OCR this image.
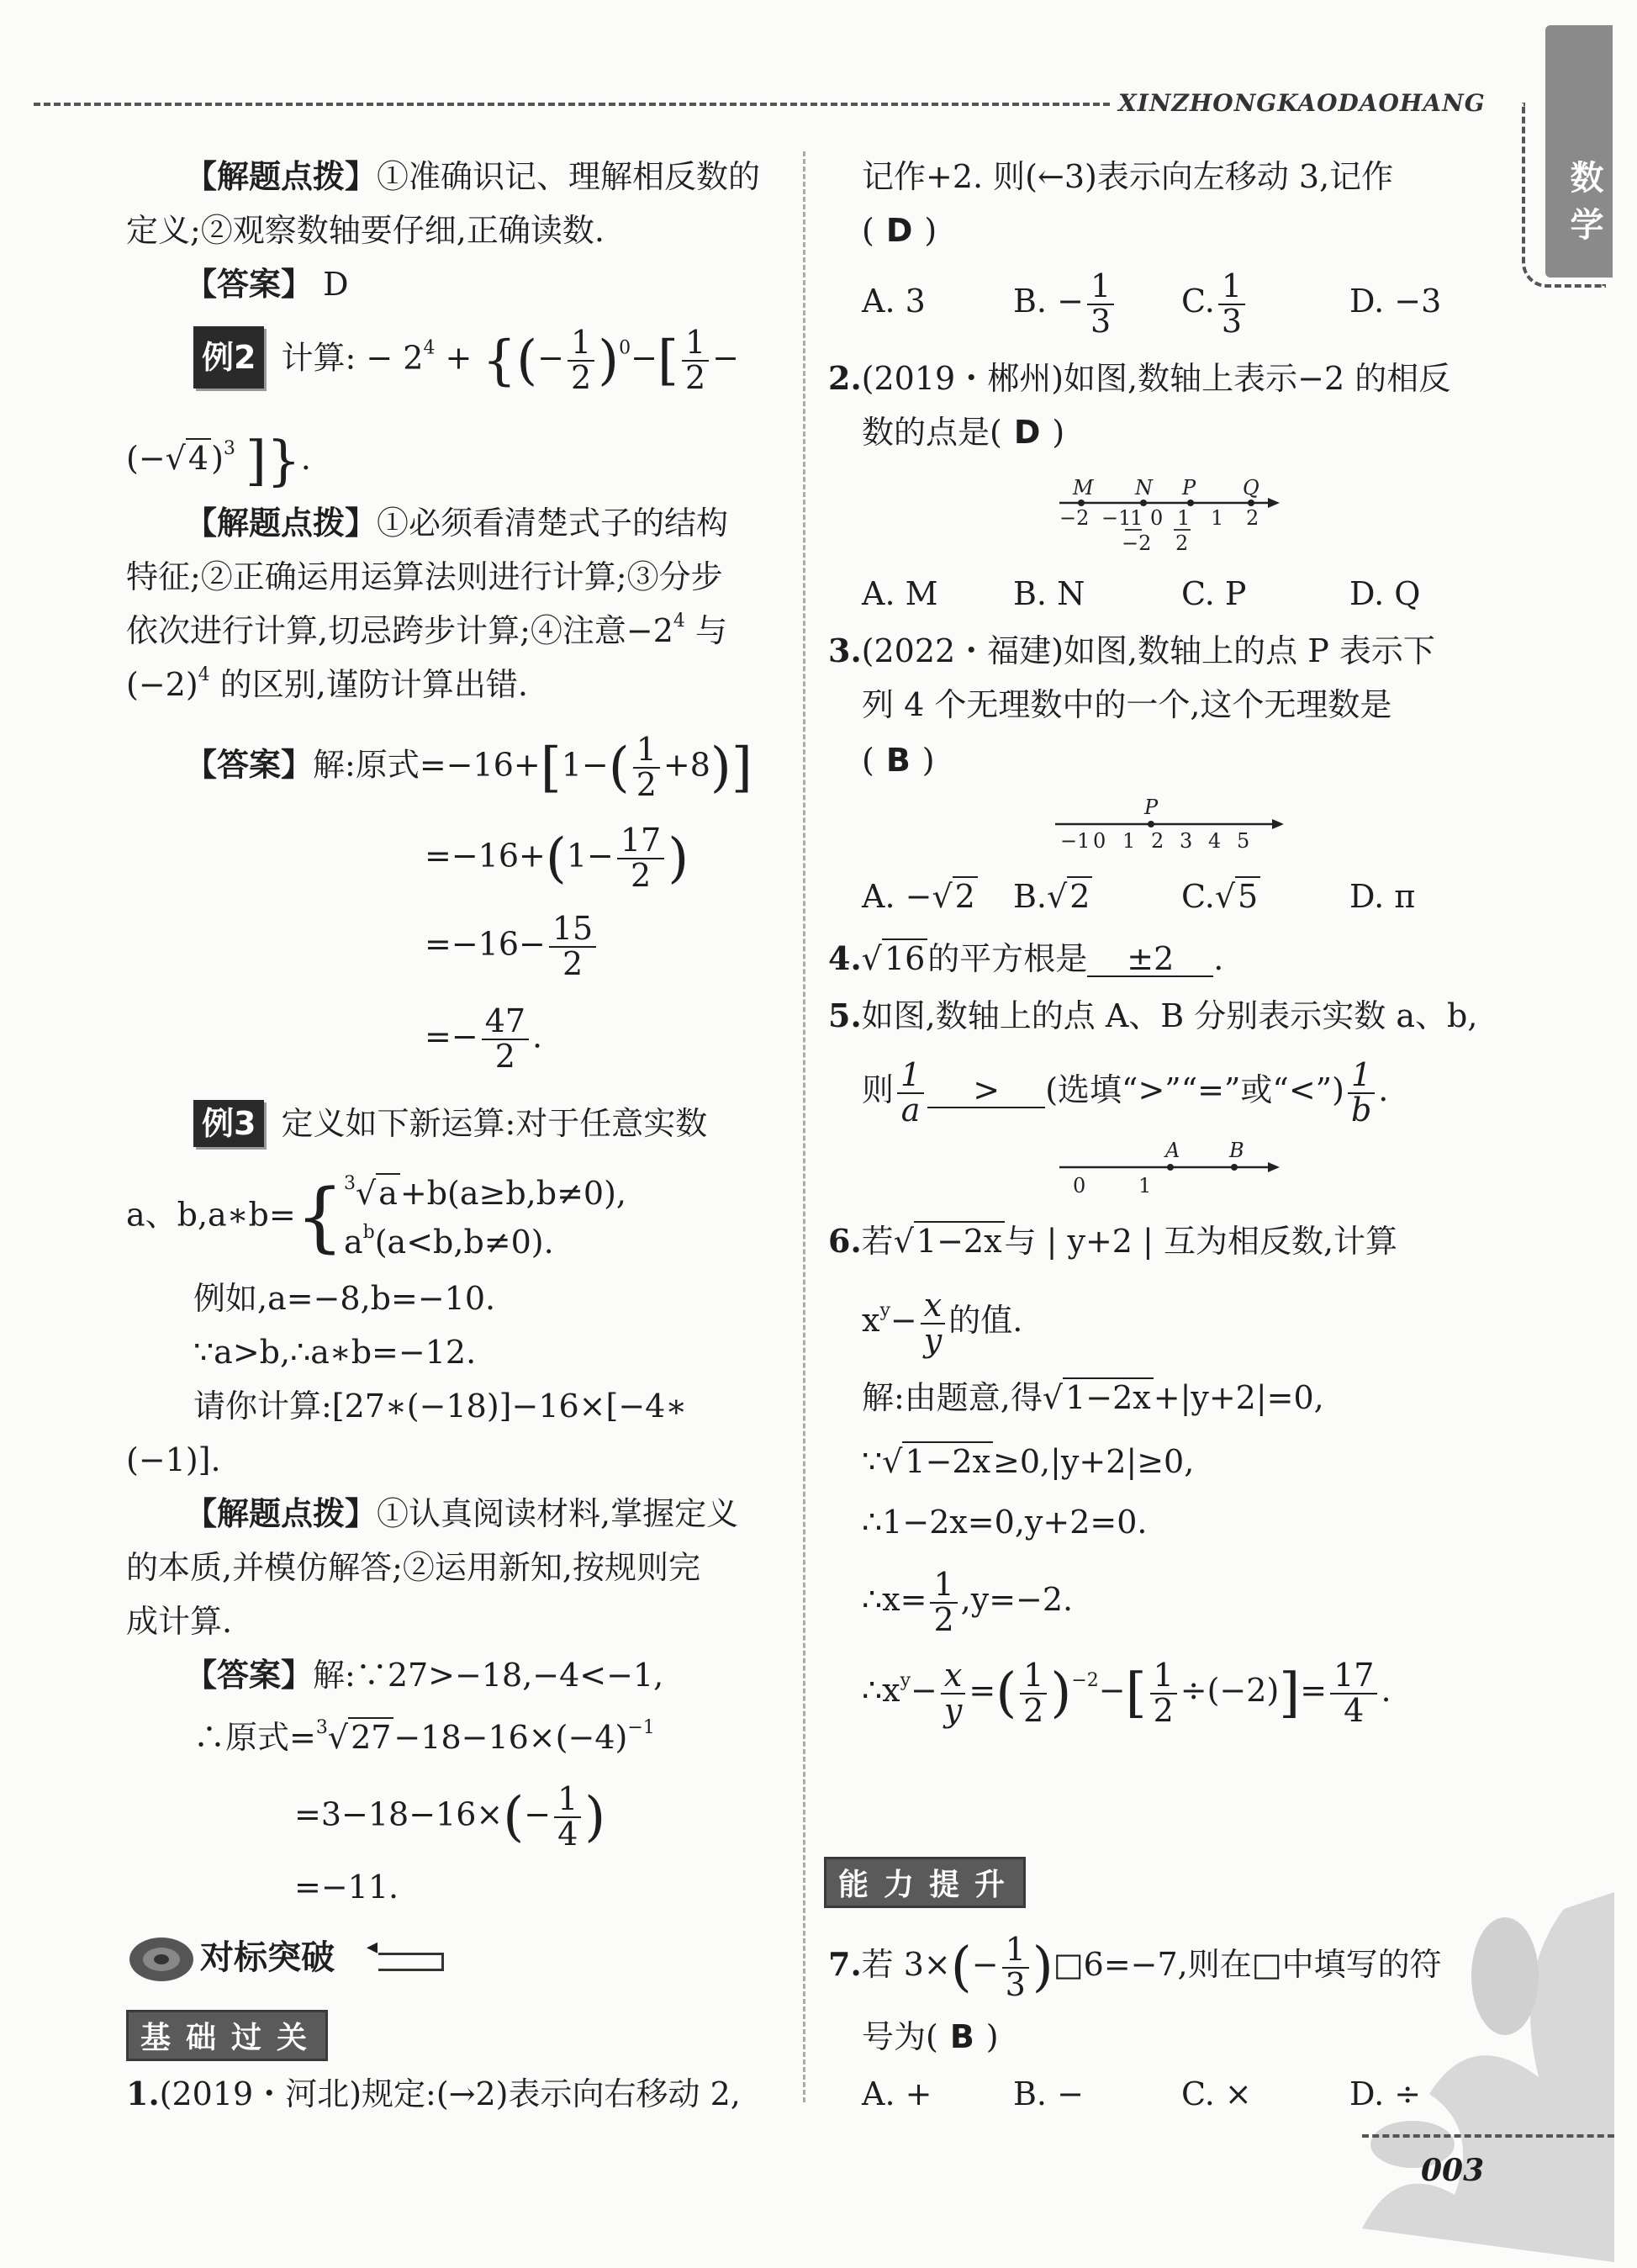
XINZHONGKAODAOHANG
数学
【解题点拨】①准确识记、理解相反数的
定义;②观察数轴要仔细,正确读数.
【答案】 D
例2 计算: − $2^4$ + {(− $\frac{1}{2} )^0-[ \frac{1}{2}$ −
$(-√4)^3$ ]}.
【解题点拨】①必须看清楚式子的结构
特征;②正确运用运算法则进行计算;③分步
依次进行计算,切忌跨步计算;④注意$-2^4$ 与
$(-2)^4$ 的区别,谨防计算出错.
【答案】解:原式$=-16+[1-( \frac{1}{2} +8)]$
$=-16+(1- \frac{17}{2}$ )
$=-16- \frac{15}{2}$
=− $\frac{47}{2}$ .
例3 定义如下新运算:对于任意实数
a、b,a∗b={$^3$√a+b(a≥b,b≠0),
$a^b(a<b,b\ne 0)$.
例如,a=−8,b=−10.
∵a>b,∴a∗b=−12.
请你计算:[27∗(−18)]−16×[−4∗
(−1)].
【解题点拨】①认真阅读材料,掌握定义
的本质,并模仿解答;②运用新知,按规则完
成计算.
【答案】解:∵27>−18,−4<−1,
∴原式$=^3√27-18-16\times(-4)^{-1}$
$=3-18-16\times(- \frac{1}{4}$ )
=−11.
对标突破 ◂
基础过关
1.(2019・河北)规定:(→2)表示向右移动 2,
记作+2. 则(←3)表示向左移动 3,记作
( D )
A. 3	B. − $\frac{1}{3} C$. $\frac{1}{3}$	D. −3
2.(2019・郴州)如图,数轴上表示−2 的相反
数的点是( D )
M N P Q
−2 −1
1 0 1 1 2
−2 2
A. M B. N	C. P	D. Q
3.(2022・福建)如图,数轴上的点 P 表示下
列 4 个无理数中的一个,这个无理数是
( B )
P
−1 0 1 2 3 4 5
A. −√2 B.√2	C.√5	D. π
4.√16的平方根是 ±2 .
5.如图,数轴上的点 A、B 分别表示实数 a、b,
则 $\frac{1}{a}$ > (选填“>”“=”或“<”) $\frac{1}{b}$ .
A B
0	1
6.若√1−2x与 | y+2 | 互为相反数,计算
$x^y- \frac{x}{y}$ 的值.
解:由题意,得√1−2x+|y+2|=0,
∵√1−2x≥0,|y+2|≥0,
∴1−2x=0,y+2=0.
∴x= $\frac{1}{2} ,y=-2$.
$\therefore x^y- \frac{x}{y}$ =( $\frac{1}{2} )^{-2}-[ \frac{1}{2} \div(-2)]= \frac{17}{4}$ .
能力提升
7.若 $3\times(- \frac{1}{3}$ )□6=−7,则在□中填写的符
号为( B )
A. +	B. −	C. ×	D. ÷
003
